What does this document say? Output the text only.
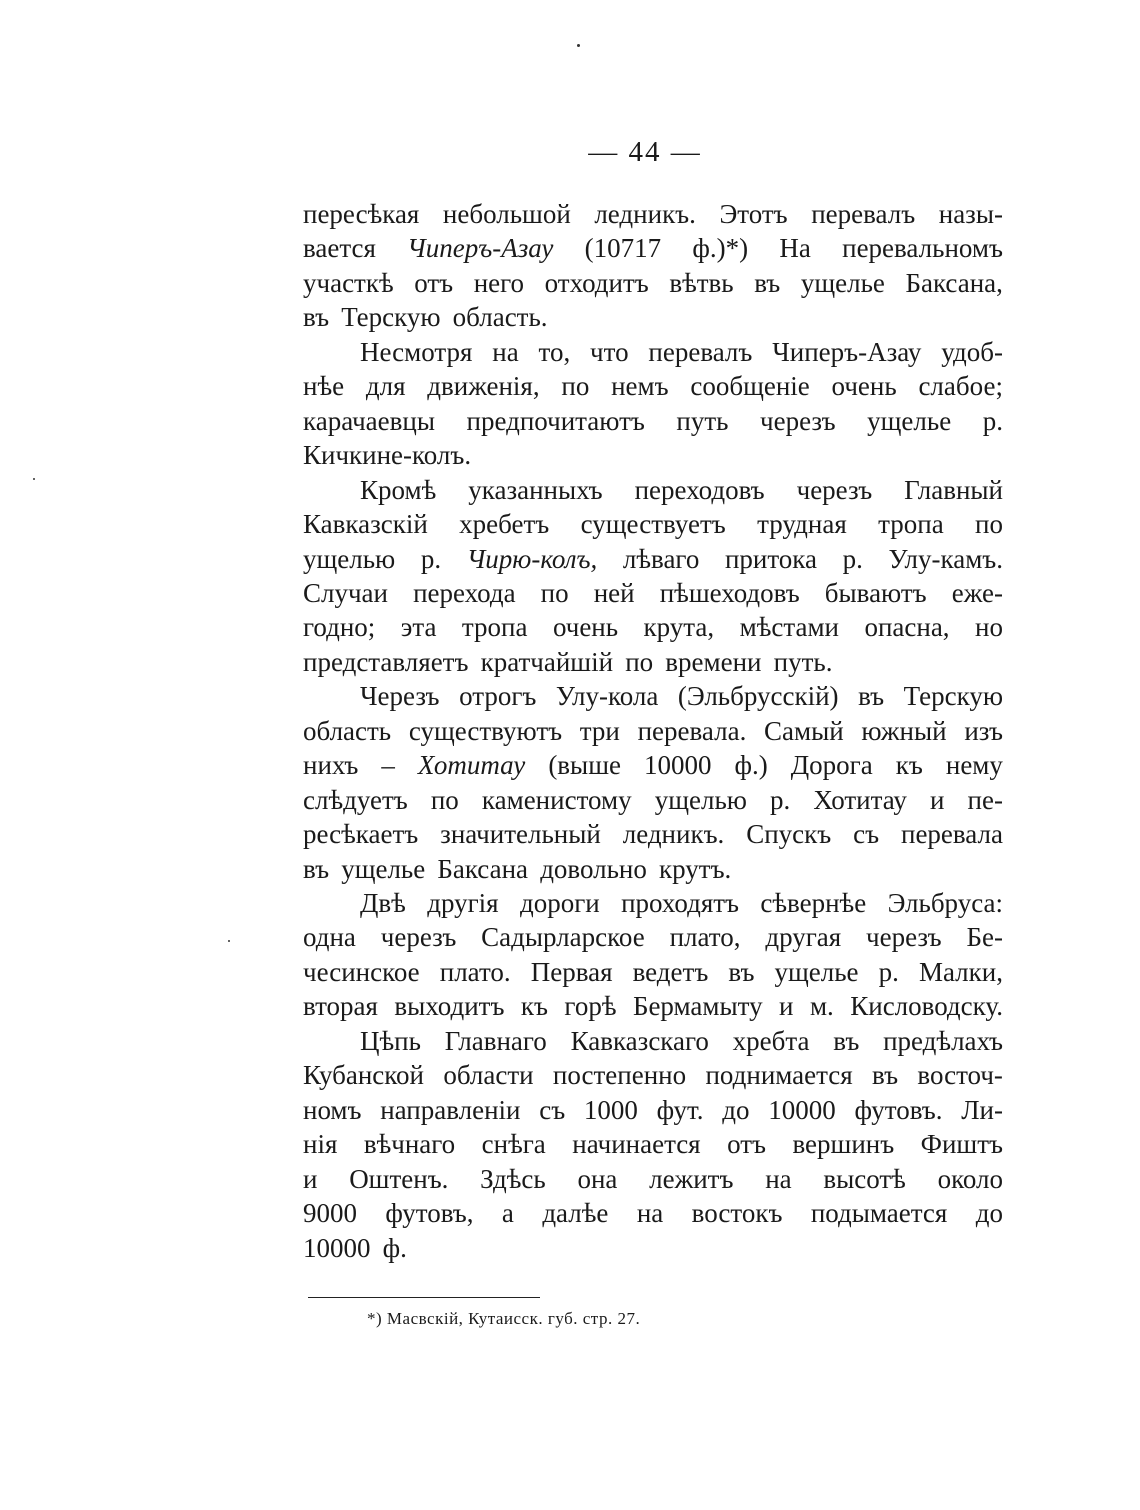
— 44 —
пересѣкая небольшой ледникъ. Этотъ перевалъ назы-
вается Чиперъ-Азау (10717 ф.)*) На перевальномъ
участкѣ отъ него отходитъ вѣтвь въ ущелье Баксана,
въ Терскую область.
Несмотря на то, что перевалъ Чиперъ-Азау удоб-
нѣе для движенія, по немъ сообщеніе очень слабое;
карачаевцы предпочитаютъ путь черезъ ущелье р.
Кичкине-колъ.
Кромѣ указанныхъ переходовъ черезъ Главный
Кавказскій хребетъ существуетъ трудная тропа по
ущелью р. Чирю-колъ, лѣваго притока р. Улу-камъ.
Случаи перехода по ней пѣшеходовъ бываютъ еже-
годно; эта тропа очень крута, мѣстами опасна, но
представляетъ кратчайшій по времени путь.
Черезъ отрогъ Улу-кола (Эльбрусскій) въ Терскую
область существуютъ три перевала. Самый южный изъ
нихъ – Хотитау (выше 10000 ф.) Дорога къ нему
слѣдуетъ по каменистому ущелью р. Хотитау и пе-
ресѣкаетъ значительный ледникъ. Спускъ съ перевала
въ ущелье Баксана довольно крутъ.
Двѣ другія дороги проходятъ сѣвернѣе Эльбруса:
одна черезъ Садырларское плато, другая черезъ Бе-
чесинское плато. Первая ведетъ въ ущелье р. Малки,
вторая выходитъ къ горѣ Бермамыту и м. Кисловодску.
Цѣпь Главнаго Кавказскаго хребта въ предѣлахъ
Кубанской области постепенно поднимается въ восточ-
номъ направленіи съ 1000 фут. до 10000 футовъ. Ли-
нія вѣчнаго снѣга начинается отъ вершинъ Фиштъ
и Оштенъ. Здѣсь она лежитъ на высотѣ около
9000 футовъ, а далѣе на востокъ подымается до
10000 ф.
*) Масвскій, Кутаисск. губ. стр. 27.
